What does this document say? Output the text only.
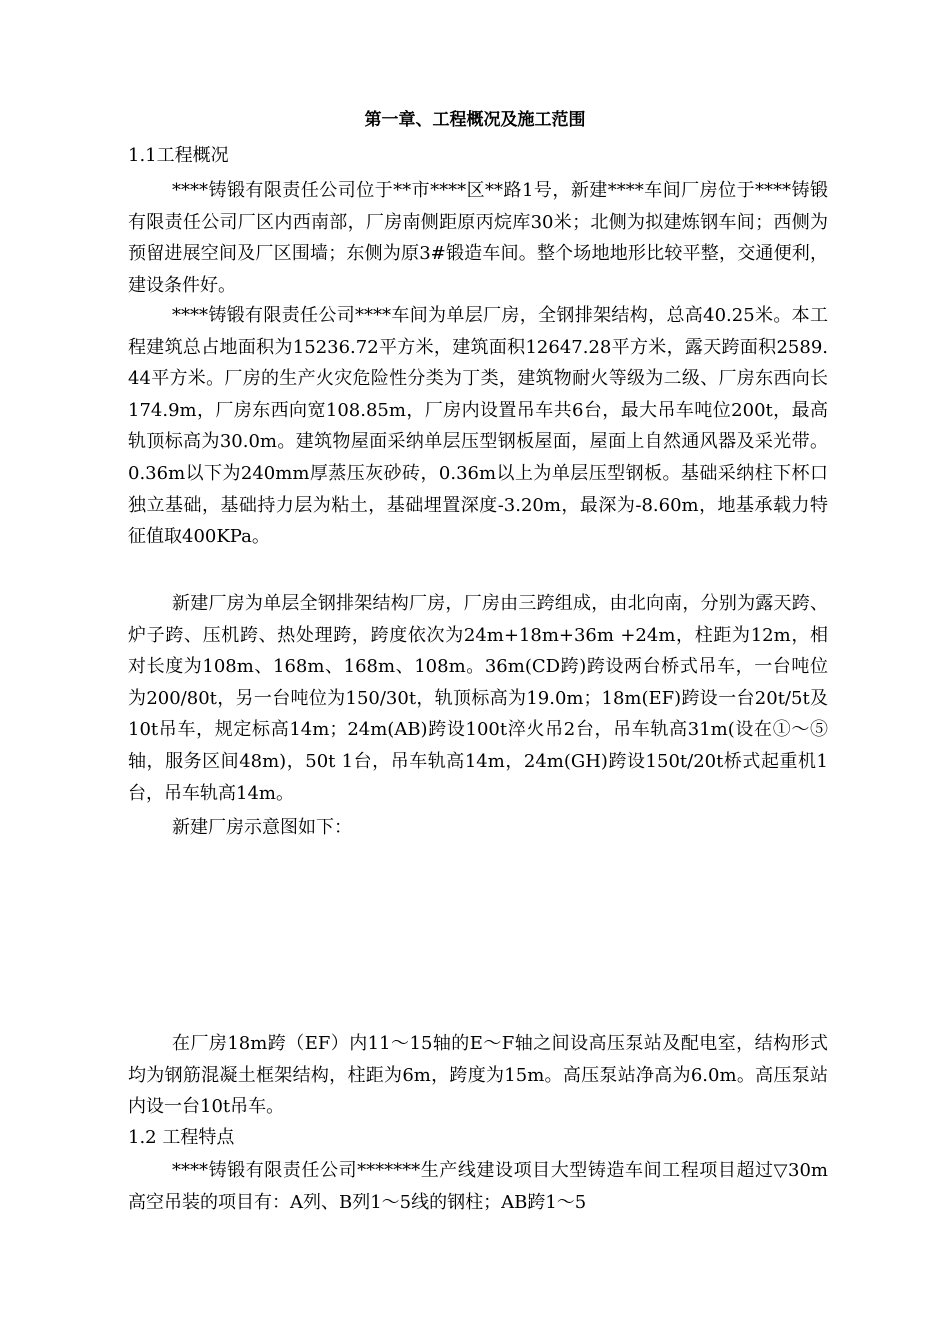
第一章、工程概况及施工范围
1.1工程概况

****铸锻有限责任公司位于**市****区**路1号，新建****车间厂房位于****铸锻有限责任公司厂区内西南部，厂房南侧距原丙烷库30米；北侧为拟建炼钢车间；西侧为预留进展空间及厂区围墙；东侧为原3#锻造车间。整个场地地形比较平整，交通便利，建设条件好。

****铸锻有限责任公司****车间为单层厂房，全钢排架结构，总高40.25米。本工程建筑总占地面积为15236.72平方米，建筑面积12647.28平方米，露天跨面积2589.44平方米。厂房的生产火灾危险性分类为丁类，建筑物耐火等级为二级、厂房东西向长174.9m，厂房东西向宽108.85m，厂房内设置吊车共6台，最大吊车吨位200t，最高轨顶标高为30.0m。建筑物屋面采纳单层压型钢板屋面，屋面上自然通风器及采光带。0.36m以下为240mm厚蒸压灰砂砖，0.36m以上为单层压型钢板。基础采纳柱下杯口独立基础，基础持力层为粘土，基础埋置深度-3.20m，最深为-8.60m，地基承载力特征值取400KPa。

新建厂房为单层全钢排架结构厂房，厂房由三跨组成，由北向南，分别为露天跨、炉子跨、压机跨、热处理跨，跨度依次为24m+18m+36m +24m，柱距为12m，相对长度为108m、168m、168m、108m。36m(CD跨)跨设两台桥式吊车，一台吨位为200/80t，另一台吨位为150/30t，轨顶标高为19.0m；18m(EF)跨设一台20t/5t及10t吊车，规定标高14m；24m(AB)跨设100t淬火吊2台，吊车轨高31m(设在①～⑤轴，服务区间48m)，50t 1台，吊车轨高14m，24m(GH)跨设150t/20t桥式起重机1台，吊车轨高14m。

新建厂房示意图如下：

在厂房18m跨（EF）内11～15轴的E～F轴之间设高压泵站及配电室，结构形式均为钢筋混凝土框架结构，柱距为6m，跨度为15m。高压泵站净高为6.0m。高压泵站内设一台10t吊车。

1.2 工程特点

****铸锻有限责任公司*******生产线建设项目大型铸造车间工程项目超过▽30m高空吊装的项目有：A列、B列1～5线的钢柱；AB跨1～5
